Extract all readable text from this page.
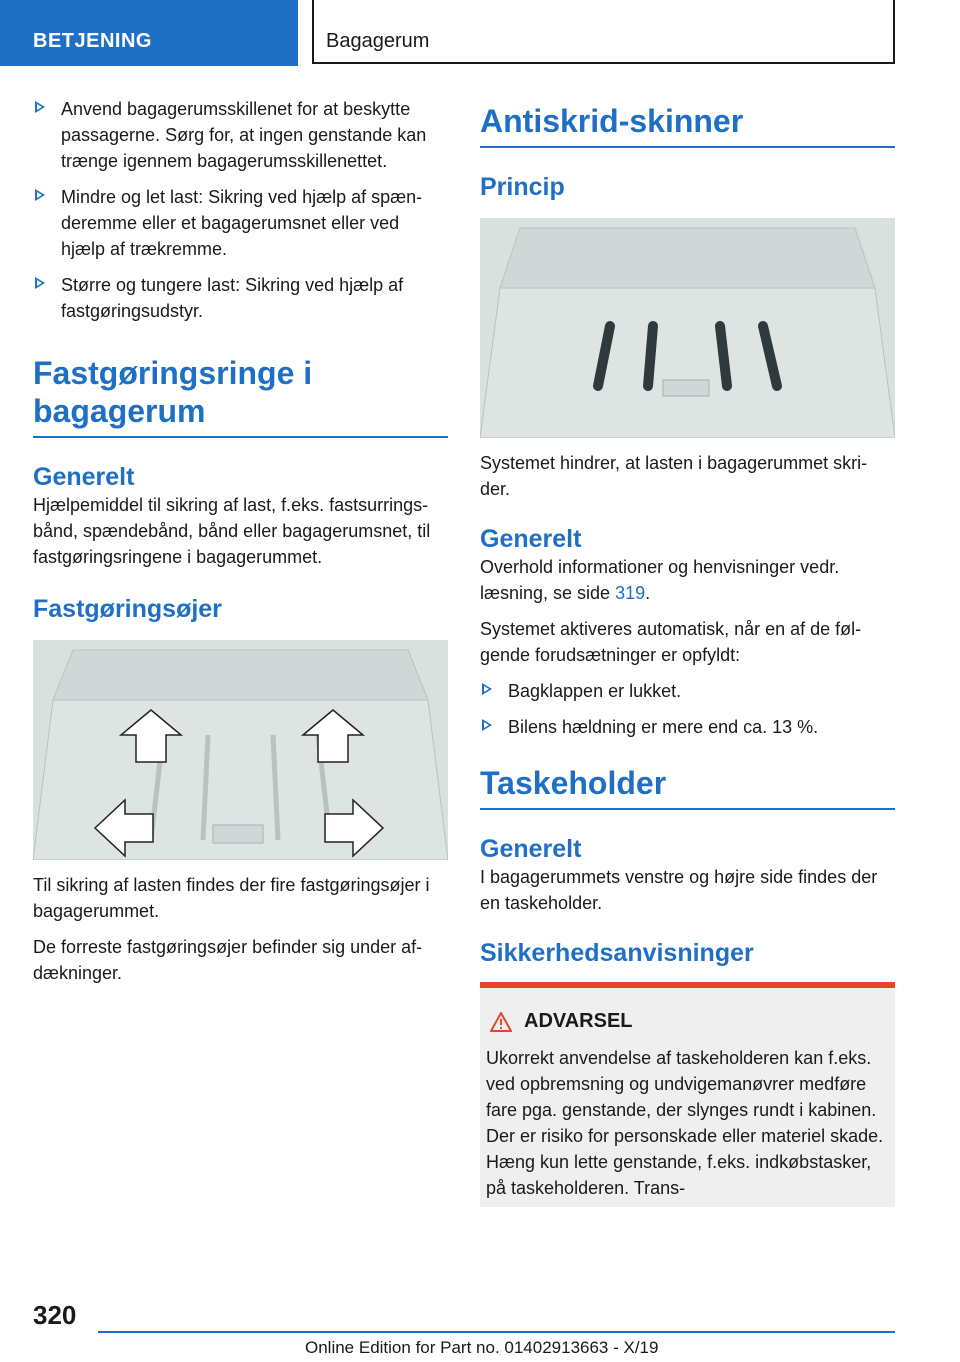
BETJENING	Bagagerum
Anvend bagagerumsskillenet for at beskytte passagerne. Sørg for, at ingen genstande kan trænge igennem bagagerumsskillenettet.
Mindre og let last: Sikring ved hjælp af spæn-deremme eller et bagagerumsnet eller ved hjælp af trækremme.
Større og tungere last: Sikring ved hjælp af fastgøringsudstyr.
Fastgøringsringe i
bagagerum
Generelt

Hjælpemiddel til sikring af last, f.eks. fastsurrings-bånd, spændebånd, bånd eller bagagerumsnet, til fastgøringsringene i bagagerummet.

Fastgøringsøjer

Til sikring af lasten findes der fire fastgøringsøjer i bagagerummet.

De forreste fastgøringsøjer befinder sig under af-dækninger.

Antiskrid-skinner
Princip

Systemet hindrer, at lasten i bagagerummet skri-der.

Generelt

Overhold informationer og henvisninger vedr. læsning, se side 319.

Systemet aktiveres automatisk, når en af de føl-gende forudsætninger er opfyldt:

Bagklappen er lukket.
Bilens hældning er mere end ca. 13 %.
Taskeholder
Generelt

I bagagerummets venstre og højre side findes der en taskeholder.

Sikkerhedsanvisninger
ADVARSEL

Ukorrekt anvendelse af taskeholderen kan f.eks. ved opbremsning og undvigemanøvrer medføre fare pga. genstande, der slynges rundt i kabinen. Der er risiko for personskade eller materiel skade. Hæng kun lette genstande, f.eks. indkøbstasker, på taskeholderen. Trans-

320
Online Edition for Part no. 01402913663 - X/19
